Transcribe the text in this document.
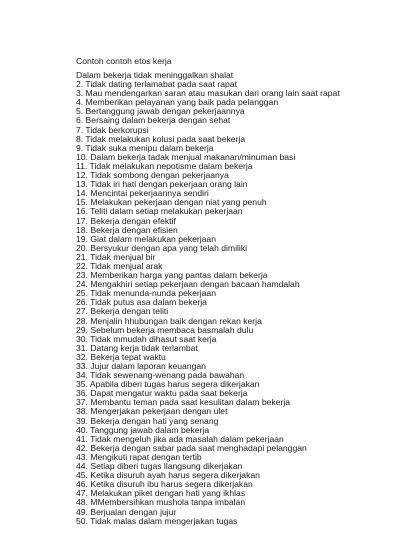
Contoh contoh etos kerja
Dalam bekerja tidak meninggalkan shalat
2. Tidak dating terlamabat pada saat rapat
3. Mau mendengarkan saran atau masukan dari orang lain saat rapat
4. Memberikan pelayanan yang baik pada pelanggan
5. Bertanggung jawab dengan pekerjaannya
6. Bersaing dalam bekerja dengan sehat
7. Tidak berkorupsi
8. Tidak melakukan kolusi pada saat bekerja
9. Tidak suka menipu dalam bekerja
10. Dalam bekerja tadak menjual makanan/minuman basi
11. Tidak melakukan nepotisme dalam bekerja
12. Tidak sombong dengan pekerjaanya
13. Tidak iri hati dengan pekerjaan orang lain
14. Mencintai pekerjaannya sendiri
15. Melakukan pekerjaan dengan niat yang penuh
16. Teliti dalam setiap melakukan pekerjaan
17. Bekerja dengan efektif
18. Bekerja dengan efisien
19. Giat dalam melakukan pekerjaan
20. Bersyukur dengan apa yang telah dimiliki
21. Tidak menjual bir
22. Tidak menjual arak
23. Memberikan harga yang pantas dalam bekerja
24. Mengakhiri setiap pekerjaan dengan bacaan hamdalah
25. Tidak menunda-nunda pekerjaan
26. Tidak putus asa dalam bekerja
27. Bekerja dengan teliti
28. Menjalin hhubungan baik dengan rekan kerja
29. Sebelum bekerja membaca basmalah dulu
30. Tidak mmudah dihasut saat kerja
31. Datang kerja tidak terlambat
32. Bekerja tepat waktu
33. Jujur dalam laporan keuangan
34. Tidak sewenang-wenang pada bawahan
35. Apabila diberi tugas harus segera dikerjakan
36. Dapat mengatur waktu pada saat bekerja
37. Membantu teman pada saat kesulitan dalam bekerja
38. Mengerjakan pekerjaan dengan ulet
39. Bekerja dengan hati yang senang
40. Tanggung jawab dalam bekerja
41. Tidak mengeluh jika ada masalah dalam pekerjaan
42. Bekerja dengan sabar pada saat menghadapi pelanggan
43. Mengikuti rapat dengan tertib
44. Setiap diberi tugas llangsung dikerjakan
45. Ketika disuruh ayah harus segera dikerjakan
46. Ketika disuruh ibu harus segera dikerjakan
47. Melakukan piket dengan hati yang ikhlas
48. MMembersihkan mushola tanpa imbalan
49. Berjualan dengan jujur
50. Tidak malas dalam mengerjakan tugas
